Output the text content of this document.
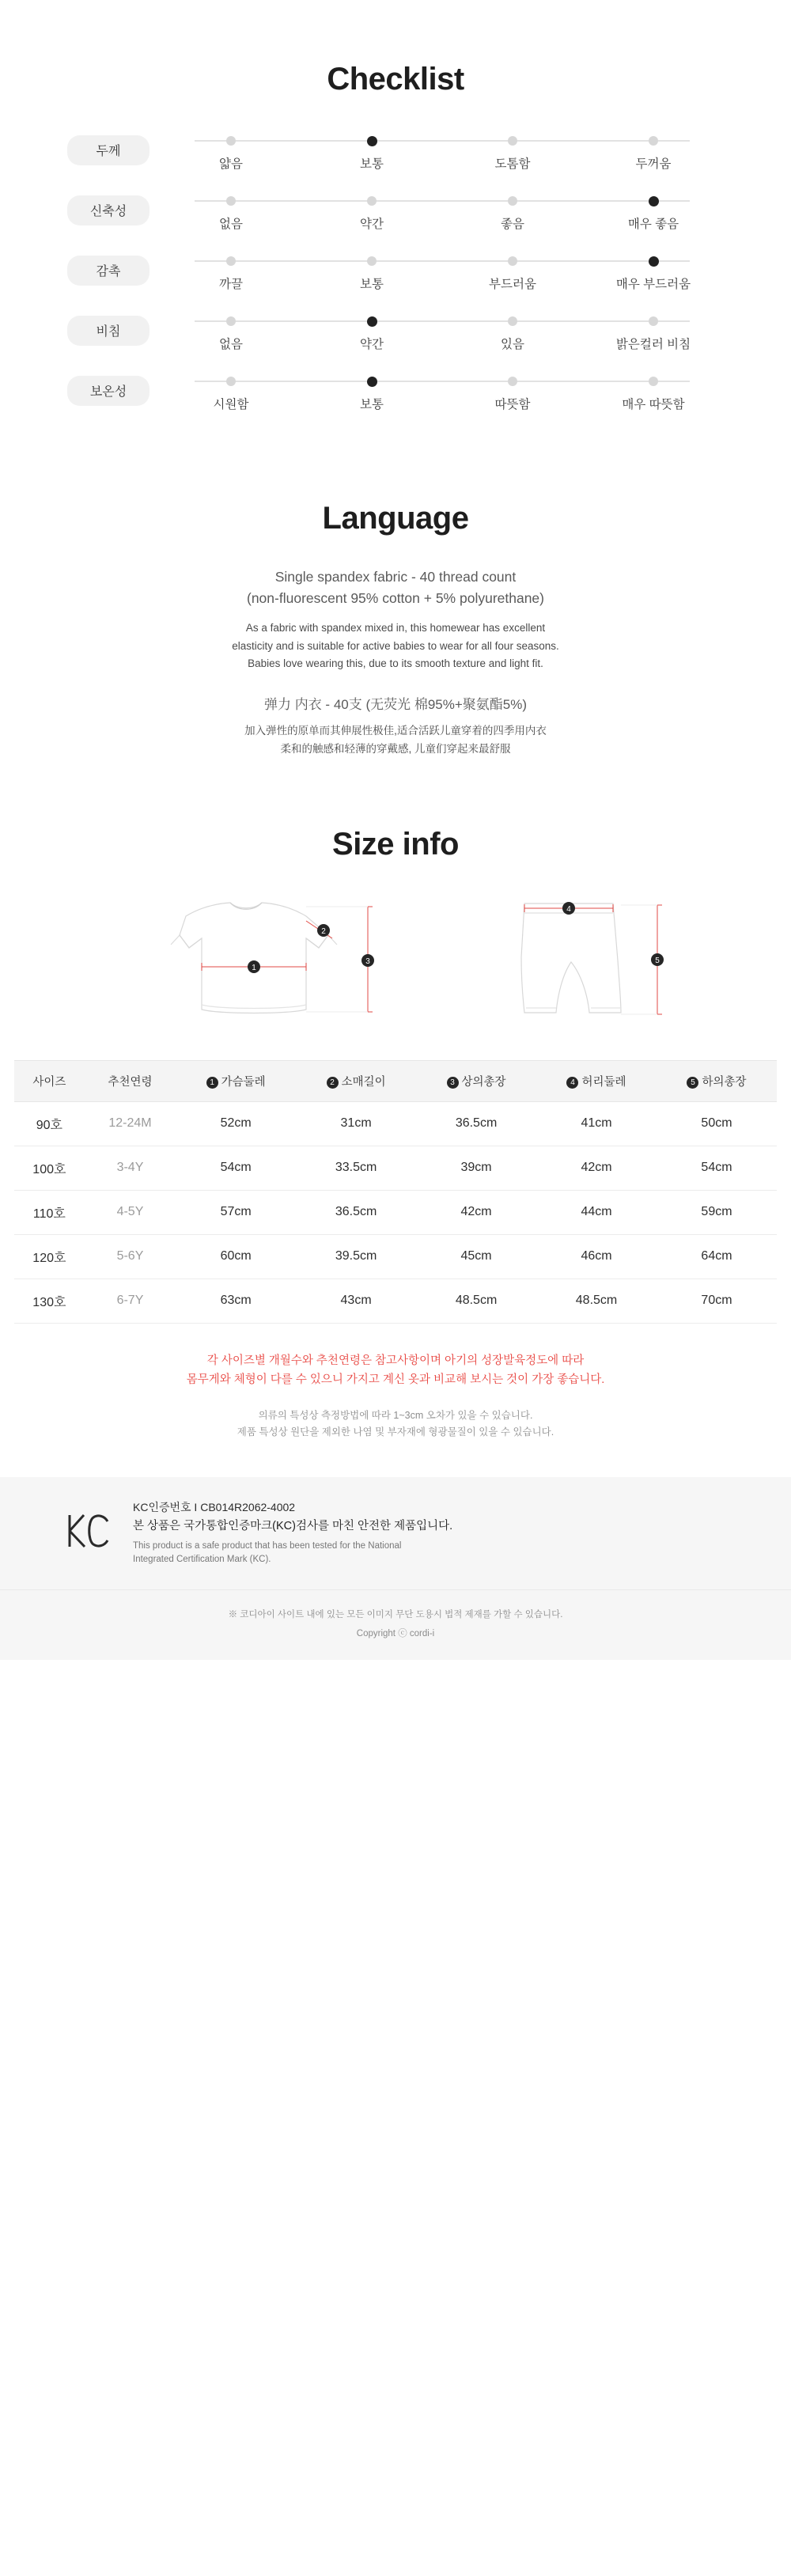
Checklist
두께
얇음	보통	도톰함	두꺼움
신축성
없음	약간	좋음	매우 좋음
감촉
까끌	보통	부드러움	매우 부드러움
비침
없음	약간	있음	밝은컬러 비침
보온성
시원함	보통	따뜻함	매우 따뜻함
Language
Single spandex fabric - 40 thread count
(non-fluorescent 95% cotton + 5% polyurethane)
As a fabric with spandex mixed in, this homewear has excellent
elasticity and is suitable for active babies to wear for all four seasons.
Babies love wearing this, due to its smooth texture and light fit.
弹力 内衣 - 40支 (无荧光 棉95%+聚氨酯5%)
加入弹性的原单而其伸展性极佳,适合活跃儿童穿着的四季用内衣
柔和的触感和轻薄的穿戴感, 儿童们穿起来最舒服
Size info
1
2
3
4
5
사이즈	추천연령	1 가슴둘레	2 소매길이	3 상의총장	4 허리둘레	5 하의총장
90호	12-24M	52cm	31cm	36.5cm	41cm	50cm
100호	3-4Y	54cm	33.5cm	39cm	42cm	54cm
110호	4-5Y	57cm	36.5cm	42cm	44cm	59cm
120호	5-6Y	60cm	39.5cm	45cm	46cm	64cm
130호	6-7Y	63cm	43cm	48.5cm	48.5cm	70cm
각 사이즈별 개월수와 추천연령은 참고사항이며 아기의 성장발육정도에 따라
몸무게와 체형이 다를 수 있으니 가지고 계신 옷과 비교해 보시는 것이 가장 좋습니다.
의류의 특성상 측정방법에 따라 1~3cm 오차가 있을 수 있습니다.
제품 특성상 원단을 제외한 나염 및 부자재에 형광물질이 있을 수 있습니다.
KC인증번호 I CB014R2062-4002
본 상품은 국가통합인증마크(KC)검사를 마친 안전한 제품입니다.
This product is a safe product that has been tested for the National
Integrated Certification Mark (KC).
※ 코디아이 사이트 내에 있는 모든 이미지 무단 도용시 법적 제재를 가할 수 있습니다.
Copyright ⓒ cordi-i
